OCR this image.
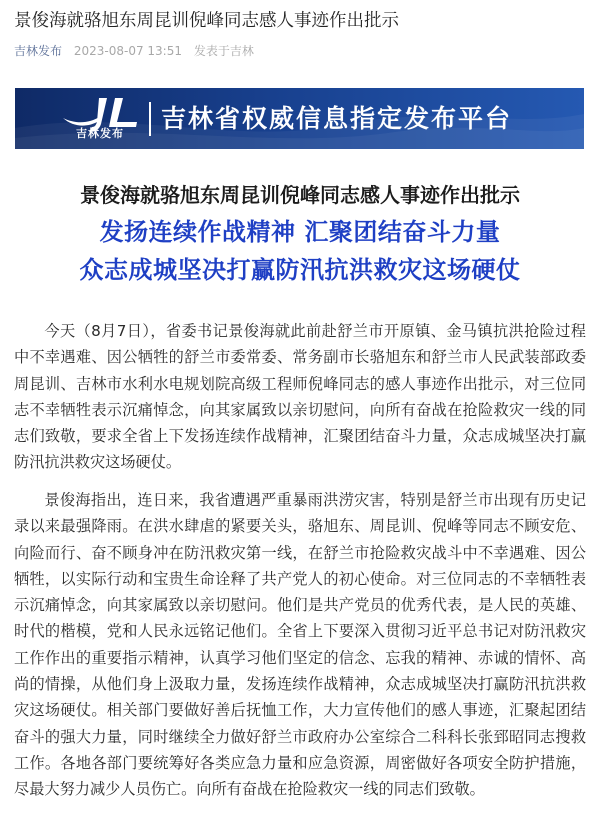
景俊海就骆旭东周昆训倪峰同志感人事迹作出批示
吉林发布 2023-08-07 13:51 发表于吉林
吉林发布
吉林省权威信息指定发布平台
景俊海就骆旭东周昆训倪峰同志感人事迹作出批示
发扬连续作战精神 汇聚团结奋斗力量
众志成城坚决打赢防汛抗洪救灾这场硬仗

今天（8月7日），省委书记景俊海就此前赴舒兰市开原镇、金马镇抗洪抢险过程中不幸遇难、因公牺牲的舒兰市委常委、常务副市长骆旭东和舒兰市人民武装部政委周昆训、吉林市水利水电规划院高级工程师倪峰同志的感人事迹作出批示，对三位同志不幸牺牲表示沉痛悼念，向其家属致以亲切慰问，向所有奋战在抢险救灾一线的同志们致敬，要求全省上下发扬连续作战精神，汇聚团结奋斗力量，众志成城坚决打赢防汛抗洪救灾这场硬仗。

景俊海指出，连日来，我省遭遇严重暴雨洪涝灾害，特别是舒兰市出现有历史记录以来最强降雨。在洪水肆虐的紧要关头，骆旭东、周昆训、倪峰等同志不顾安危、向险而行、奋不顾身冲在防汛救灾第一线，在舒兰市抢险救灾战斗中不幸遇难、因公牺牲，以实际行动和宝贵生命诠释了共产党人的初心使命。对三位同志的不幸牺牲表示沉痛悼念，向其家属致以亲切慰问。他们是共产党员的优秀代表，是人民的英雄、时代的楷模，党和人民永远铭记他们。全省上下要深入贯彻习近平总书记对防汛救灾工作作出的重要指示精神，认真学习他们坚定的信念、忘我的精神、赤诚的情怀、高尚的情操，从他们身上汲取力量，发扬连续作战精神，众志成城坚决打赢防汛抗洪救灾这场硬仗。相关部门要做好善后抚恤工作，大力宣传他们的感人事迹，汇聚起团结奋斗的强大力量，同时继续全力做好舒兰市政府办公室综合二科科长张郅昭同志搜救工作。各地各部门要统筹好各类应急力量和应急资源，周密做好各项安全防护措施，尽最大努力减少人员伤亡。向所有奋战在抢险救灾一线的同志们致敬。
